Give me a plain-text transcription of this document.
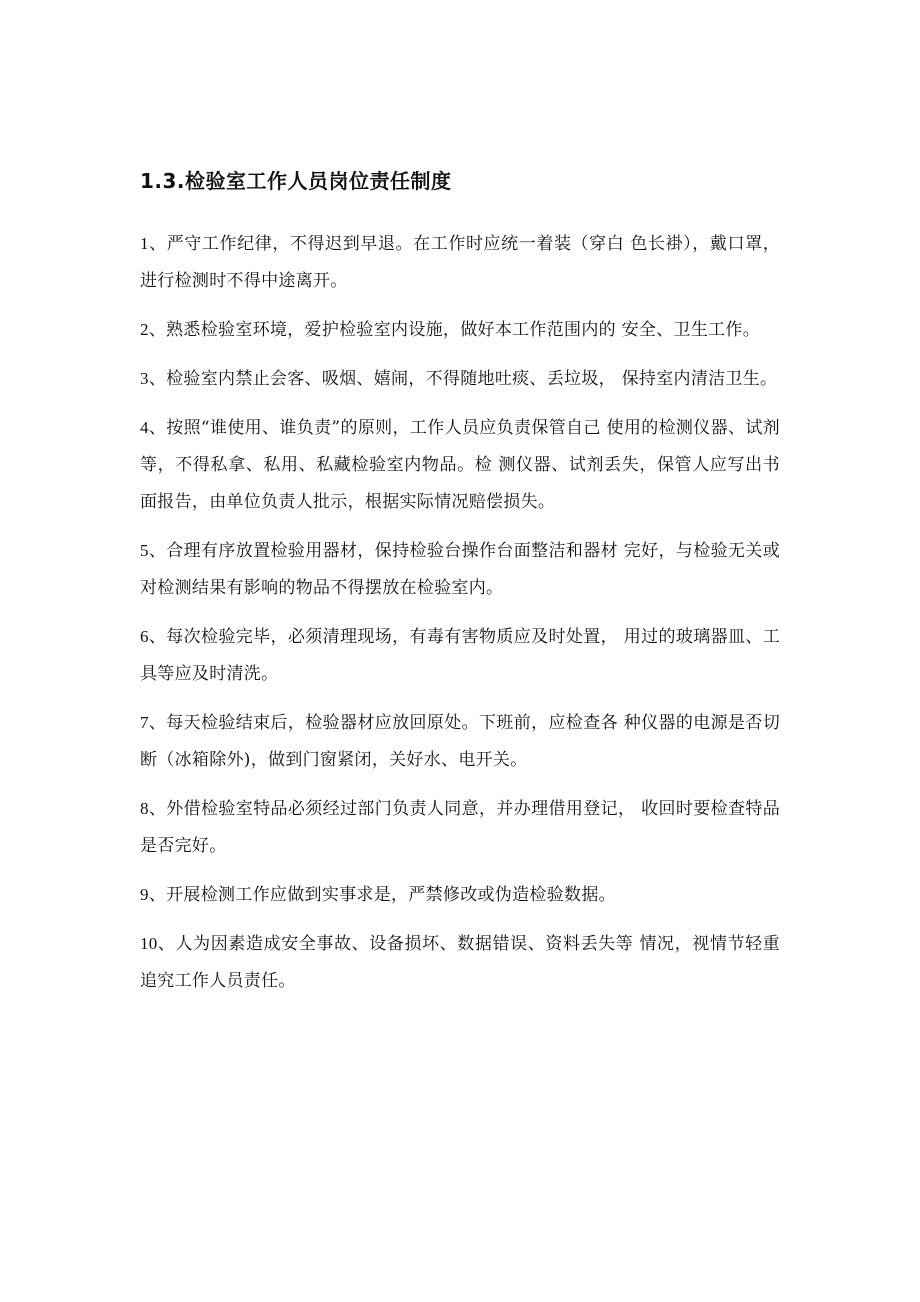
1.3.检验室工作人员岗位责任制度
1、严守工作纪律，不得迟到早退。在工作时应统一着装（穿白 色长褂），戴口罩，进行检测时不得中途离开。
2、熟悉检验室环境，爱护检验室内设施，做好本工作范围内的 安全、卫生工作。
3、检验室内禁止会客、吸烟、嬉闹，不得随地吐痰、丢垃圾， 保持室内清洁卫生。
4、按照“谁使用、谁负责”的原则，工作人员应负责保管自己 使用的检测仪器、试剂等，不得私拿、私用、私藏检验室内物品。检 测仪器、试剂丢失，保管人应写出书面报告，由单位负责人批示，根据实际情况赔偿损失。
5、合理有序放置检验用器材，保持检验台操作台面整洁和器材 完好，与检验无关或对检测结果有影响的物品不得摆放在检验室内。
6、每次检验完毕，必须清理现场，有毒有害物质应及时处置， 用过的玻璃器皿、工具等应及时清洗。
7、每天检验结束后，检验器材应放回原处。下班前，应检查各 种仪器的电源是否切断（冰箱除外)，做到门窗紧闭，关好水、电开关。
8、外借检验室特品必须经过部门负责人同意，并办理借用登记， 收回时要检查特品是否完好。
9、开展检测工作应做到实事求是，严禁修改或伪造检验数据。
10、人为因素造成安全事故、设备损坏、数据错误、资料丢失等 情况，视情节轻重追究工作人员责任。
